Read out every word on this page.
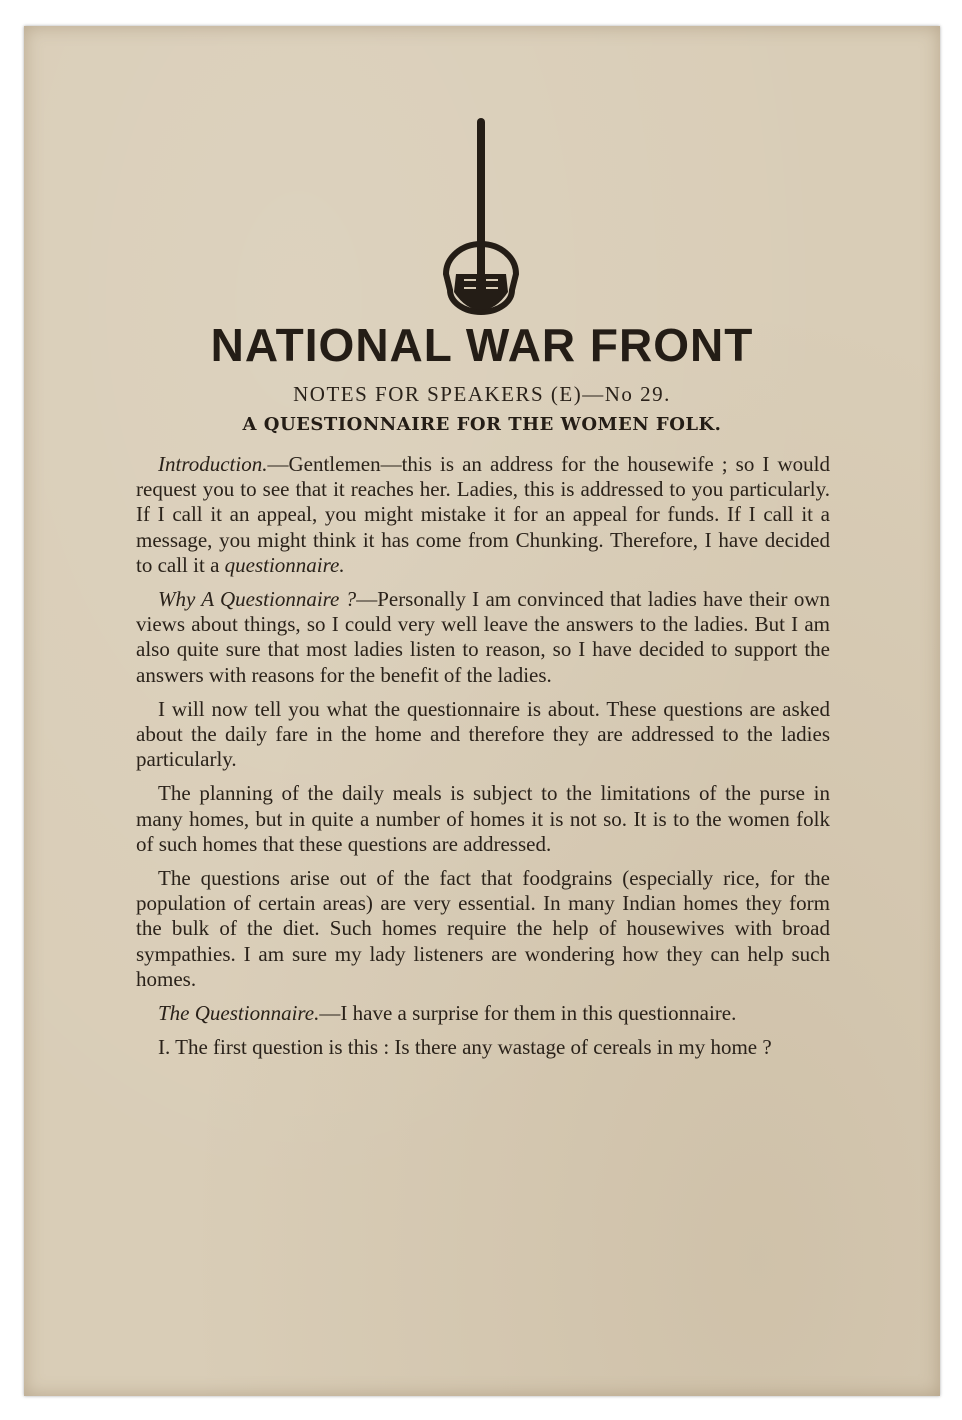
NATIONAL WAR FRONT
NOTES FOR SPEAKERS (E)—No 29.
A QUESTIONNAIRE FOR THE WOMEN FOLK.

Introduction.—Gentlemen—this is an address for the housewife ; so I would request you to see that it reaches her. Ladies, this is addressed to you particularly. If I call it an appeal, you might mistake it for an appeal for funds. If I call it a message, you might think it has come from Chunking. Therefore, I have decided to call it a questionnaire.

Why A Questionnaire ?—Personally I am convinced that ladies have their own views about things, so I could very well leave the answers to the ladies. But I am also quite sure that most ladies listen to reason, so I have decided to support the answers with reasons for the benefit of the ladies.

I will now tell you what the questionnaire is about. These questions are asked about the daily fare in the home and therefore they are addressed to the ladies particularly.

The planning of the daily meals is subject to the limitations of the purse in many homes, but in quite a number of homes it is not so. It is to the women folk of such homes that these questions are addressed.

The questions arise out of the fact that foodgrains (especially rice, for the population of certain areas) are very essential. In many Indian homes they form the bulk of the diet. Such homes require the help of housewives with broad sympathies. I am sure my lady listeners are wondering how they can help such homes.

The Questionnaire.—I have a surprise for them in this questionnaire.

I. The first question is this : Is there any wastage of cereals in my home ?
